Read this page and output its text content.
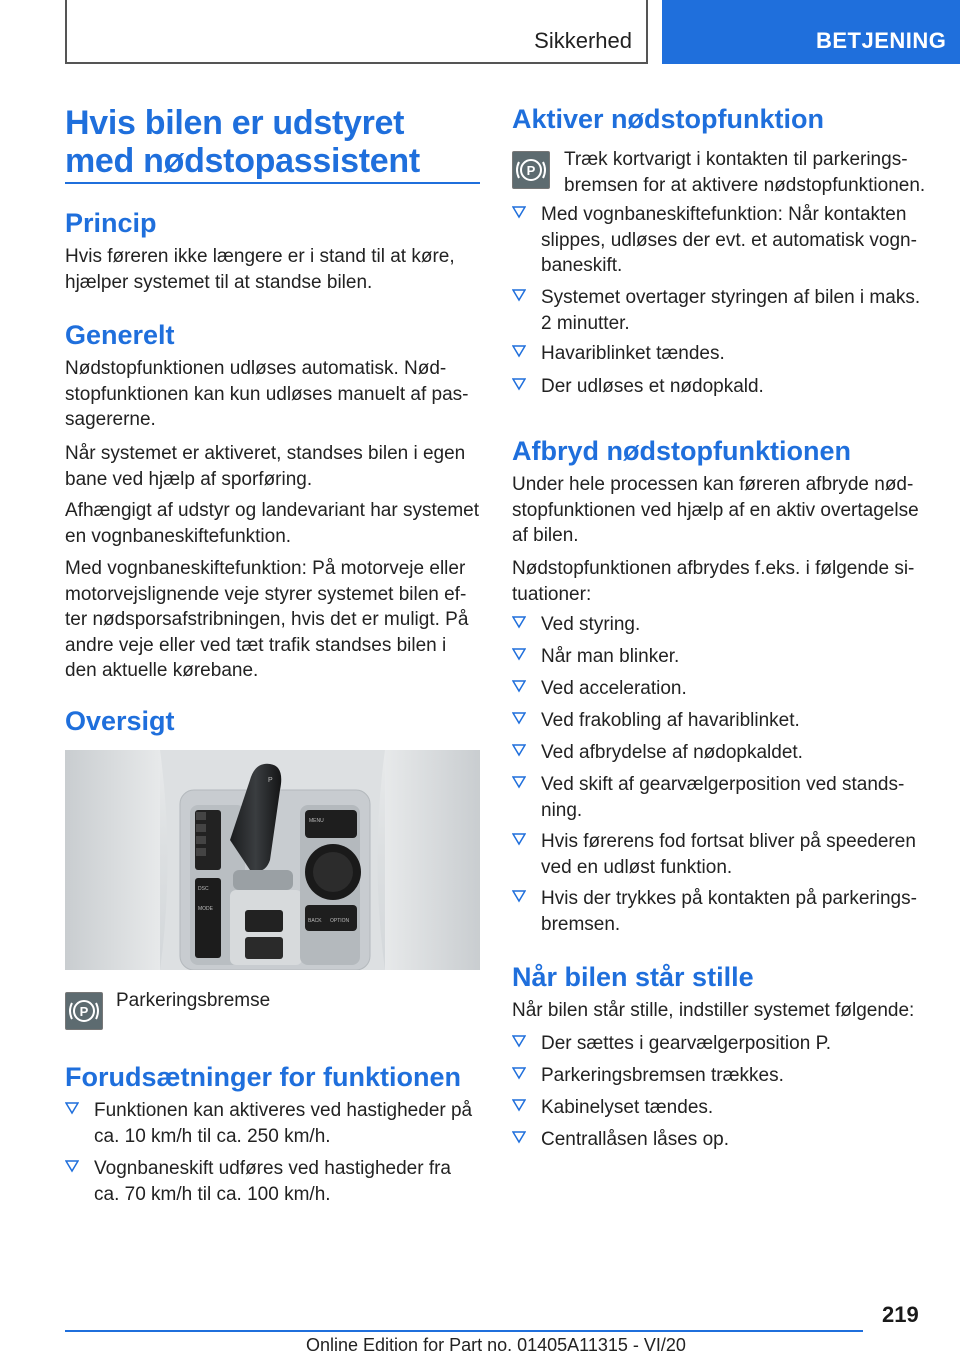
Sikkerhed	BETJENING
Hvis bilen er udstyret med nødstopassistent
Princip

Hvis føreren ikke længere er i stand til at køre, hjælper systemet til at standse bilen.

Generelt

Nødstopfunktionen udløses automatisk. Nødstopfunktionen kan kun udløses manuelt af passagererne.

Når systemet er aktiveret, standses bilen i egen bane ved hjælp af sporføring.

Afhængigt af udstyr og landevariant har systemet en vognbaneskiftefunktion.

Med vognbaneskiftefunktion: På motorveje eller motorvejslignende veje styrer systemet bilen efter nødsporsafstribningen, hvis det er muligt. På andre veje eller ved tæt trafik standses bilen i den aktuelle kørebane.

Oversigt
P
MENU
BACK OPTION
DSC
MODE
P

Parkeringsbremse

Forudsætninger for funktionen
Funktionen kan aktiveres ved hastigheder på ca. 10 km/h til ca. 250 km/h.
Vognbaneskift udføres ved hastigheder fra ca. 70 km/h til ca. 100 km/h.
Aktiver nødstopfunktion
P

Træk kortvarigt i kontakten til parkeringsbremsen for at aktivere nødstopfunktionen.

Med vognbaneskiftefunktion: Når kontakten slippes, udløses der evt. et automatisk vognbaneskift.
Systemet overtager styringen af bilen i maks. 2 minutter.
Havariblinket tændes.
Der udløses et nødopkald.
Afbryd nødstopfunktionen

Under hele processen kan føreren afbryde nødstopfunktionen ved hjælp af en aktiv overtagelse af bilen.

Nødstopfunktionen afbrydes f.eks. i følgende situationer:

Ved styring.
Når man blinker.
Ved acceleration.
Ved frakobling af havariblinket.
Ved afbrydelse af nødopkaldet.
Ved skift af gearvælgerposition ved standsning.
Hvis førerens fod fortsat bliver på speederen ved en udløst funktion.
Hvis der trykkes på kontakten på parkeringsbremsen.
Når bilen står stille

Når bilen står stille, indstiller systemet følgende:

Der sættes i gearvælgerposition P.
Parkeringsbremsen trækkes.
Kabinelyset tændes.
Centrallåsen låses op.
219
Online Edition for Part no. 01405A11315 - VI/20
